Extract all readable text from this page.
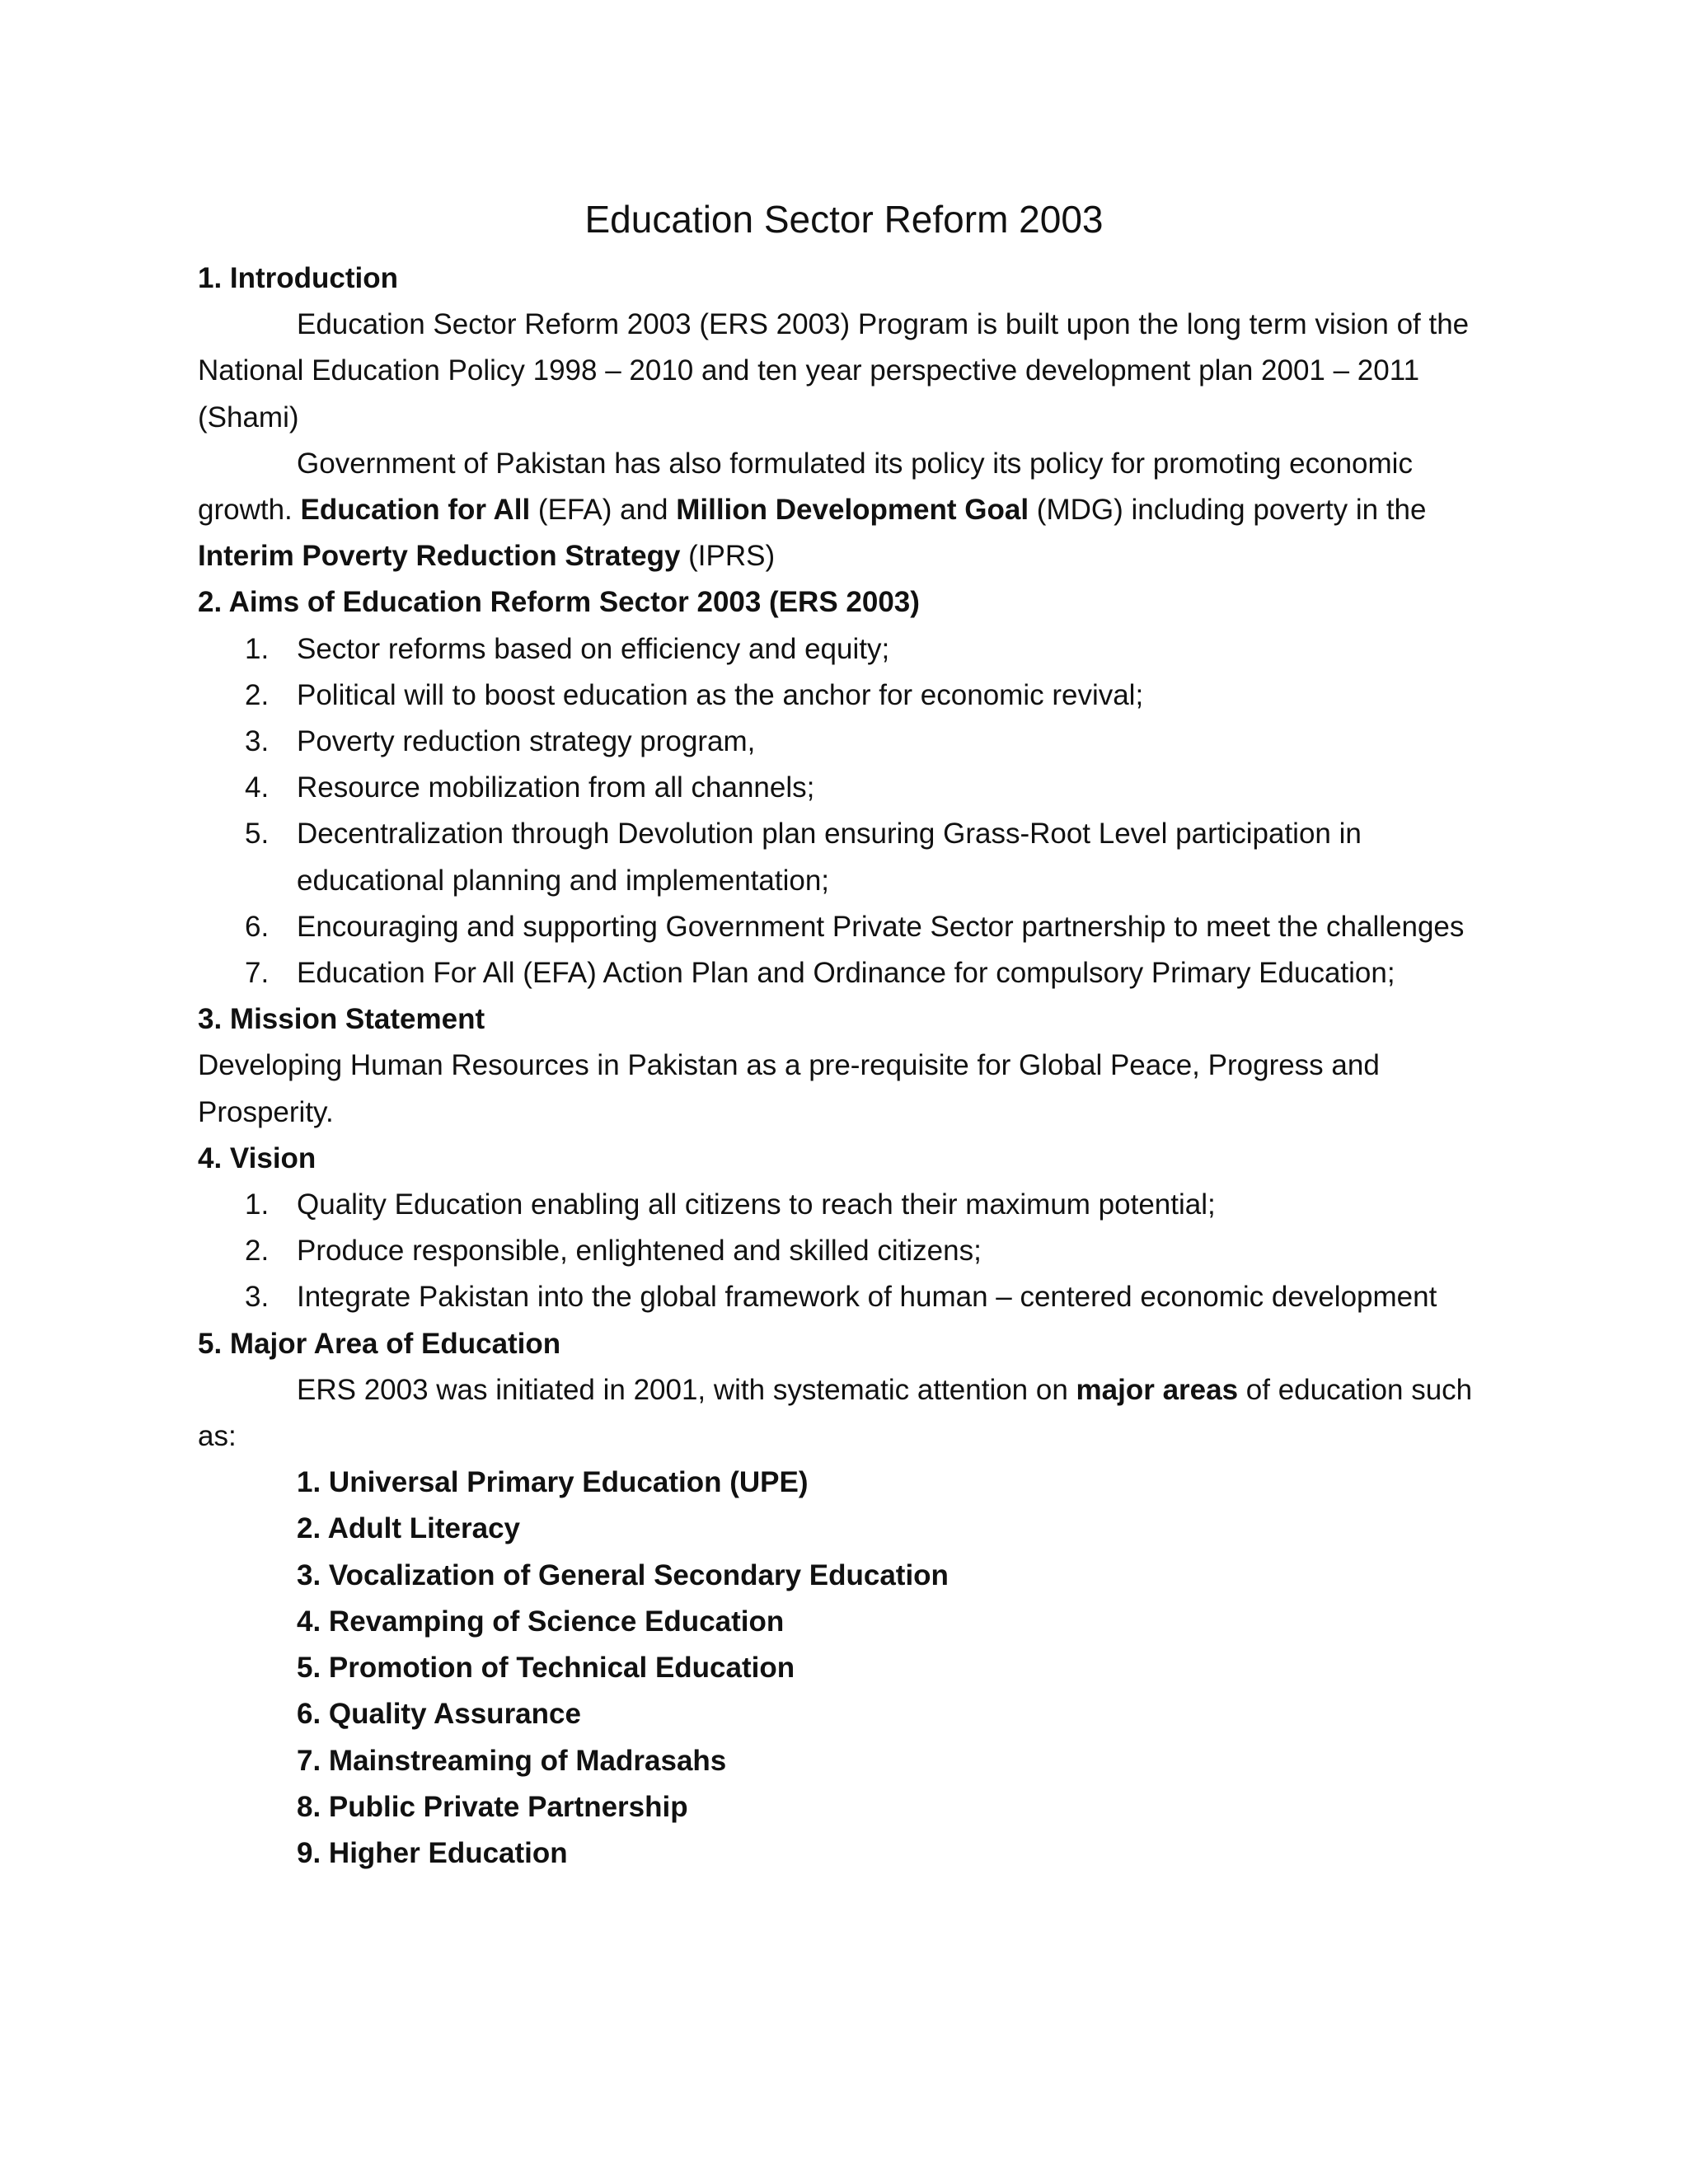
Education Sector Reform 2003
1. Introduction

Education Sector Reform 2003 (ERS 2003) Program is built upon the long term vision of the National Education Policy 1998 – 2010 and ten year perspective development plan 2001 – 2011 (Shami)

Government of Pakistan has also formulated its policy its policy for promoting economic growth. Education for All (EFA) and Million Development Goal (MDG) including poverty in the Interim Poverty Reduction Strategy (IPRS)

2. Aims of Education Reform Sector 2003 (ERS 2003)
1. Sector reforms based on efficiency and equity;
2. Political will to boost education as the anchor for economic revival;
3. Poverty reduction strategy program,
4. Resource mobilization from all channels;
5. Decentralization through Devolution plan ensuring Grass-Root Level participation in educational planning and implementation;
6. Encouraging and supporting Government Private Sector partnership to meet the challenges
7. Education For All (EFA) Action Plan and Ordinance for compulsory Primary Education;
3. Mission Statement

Developing Human Resources in Pakistan as a pre-requisite for Global Peace, Progress and Prosperity.

4. Vision
1. Quality Education enabling all citizens to reach their maximum potential;
2. Produce responsible, enlightened and skilled citizens;
3. Integrate Pakistan into the global framework of human – centered economic development
5. Major Area of Education

ERS 2003 was initiated in 2001, with systematic attention on major areas of education such as:

1. Universal Primary Education (UPE)
2. Adult Literacy
3. Vocalization of General Secondary Education
4. Revamping of Science Education
5. Promotion of Technical Education
6. Quality Assurance
7. Mainstreaming of Madrasahs
8. Public Private Partnership
9. Higher Education
